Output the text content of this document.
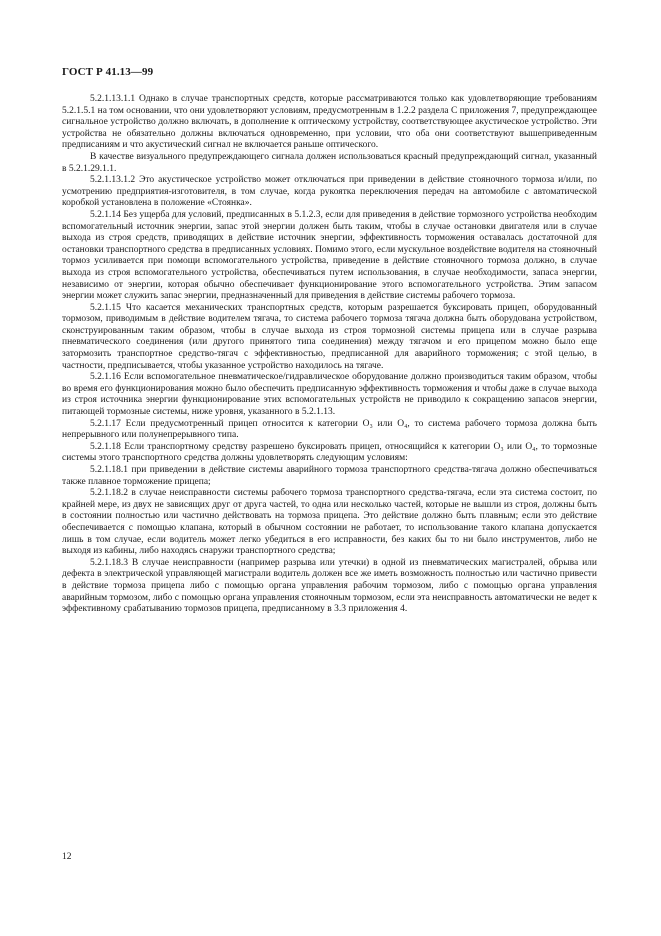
ГОСТ Р 41.13—99

5.2.1.13.1.1 Однако в случае транспортных средств, которые рассматриваются только как удовлетворяющие требованиям 5.2.1.5.1 на том основании, что они удовлетворяют условиям, предусмотренным в 1.2.2 раздела С приложения 7, предупреждающее сигнальное устройство должно включать, в дополнение к оптическому устройству, соответствующее акустическое устройство. Эти устройства не обязательно должны включаться одновременно, при условии, что оба они соответствуют вышеприведенным предписаниям и что акустический сигнал не включается раньше оптического.

В качестве визуального предупреждающего сигнала должен использоваться красный предупреждающий сигнал, указанный в 5.2.1.29.1.1.

5.2.1.13.1.2 Это акустическое устройство может отключаться при приведении в действие стояночного тормоза и/или, по усмотрению предприятия-изготовителя, в том случае, когда рукоятка переключения передач на автомобиле с автоматической коробкой установлена в положение «Стоянка».

5.2.1.14 Без ущерба для условий, предписанных в 5.1.2.3, если для приведения в действие тормозного устройства необходим вспомогательный источник энергии, запас этой энергии должен быть таким, чтобы в случае остановки двигателя или в случае выхода из строя средств, приводящих в действие источник энергии, эффективность торможения оставалась достаточной для остановки транспортного средства в предписанных условиях. Помимо этого, если мускульное воздействие водителя на стояночный тормоз усиливается при помощи вспомогательного устройства, приведение в действие стояночного тормоза должно, в случае выхода из строя вспомогательного устройства, обеспечиваться путем использования, в случае необходимости, запаса энергии, независимо от энергии, которая обычно обеспечивает функционирование этого вспомогательного устройства. Этим запасом энергии может служить запас энергии, предназначенный для приведения в действие системы рабочего тормоза.

5.2.1.15 Что касается механических транспортных средств, которым разрешается буксировать прицеп, оборудованный тормозом, приводимым в действие водителем тягача, то система рабочего тормоза тягача должна быть оборудована устройством, сконструированным таким образом, чтобы в случае выхода из строя тормозной системы прицепа или в случае разрыва пневматического соединения (или другого принятого типа соединения) между тягачом и его прицепом можно было еще затормозить транспортное средство-тягач с эффективностью, предписанной для аварийного торможения; с этой целью, в частности, предписывается, чтобы указанное устройство находилось на тягаче.

5.2.1.16 Если вспомогательное пневматическое/гидравлическое оборудование должно производиться таким образом, чтобы во время его функционирования можно было обеспечить предписанную эффективность торможения и чтобы даже в случае выхода из строя источника энергии функционирование этих вспомогательных устройств не приводило к сокращению запасов энергии, питающей тормозные системы, ниже уровня, указанного в 5.2.1.13.

5.2.1.17 Если предусмотренный прицеп относится к категории O₃ или O₄, то система рабочего тормоза должна быть непрерывного или полунепрерывного типа.

5.2.1.18 Если транспортному средству разрешено буксировать прицеп, относящийся к категории O₃ или O₄, то тормозные системы этого транспортного средства должны удовлетворять следующим условиям:

5.2.1.18.1 при приведении в действие системы аварийного тормоза транспортного средства-тягача должно обеспечиваться также плавное торможение прицепа;

5.2.1.18.2 в случае неисправности системы рабочего тормоза транспортного средства-тягача, если эта система состоит, по крайней мере, из двух не зависящих друг от друга частей, то одна или несколько частей, которые не вышли из строя, должны быть в состоянии полностью или частично действовать на тормоза прицепа. Это действие должно быть плавным; если это действие обеспечивается с помощью клапана, который в обычном состоянии не работает, то использование такого клапана допускается лишь в том случае, если водитель может легко убедиться в его исправности, без каких бы то ни было инструментов, либо не выходя из кабины, либо находясь снаружи транспортного средства;

5.2.1.18.3 В случае неисправности (например разрыва или утечки) в одной из пневматических магистралей, обрыва или дефекта в электрической управляющей магистрали водитель должен все же иметь возможность полностью или частично привести в действие тормоза прицепа либо с помощью органа управления рабочим тормозом, либо с помощью органа управления аварийным тормозом, либо с помощью органа управления стояночным тормозом, если эта неисправность автоматически не ведет к эффективному срабатыванию тормозов прицепа, предписанному в 3.3 приложения 4.

12
